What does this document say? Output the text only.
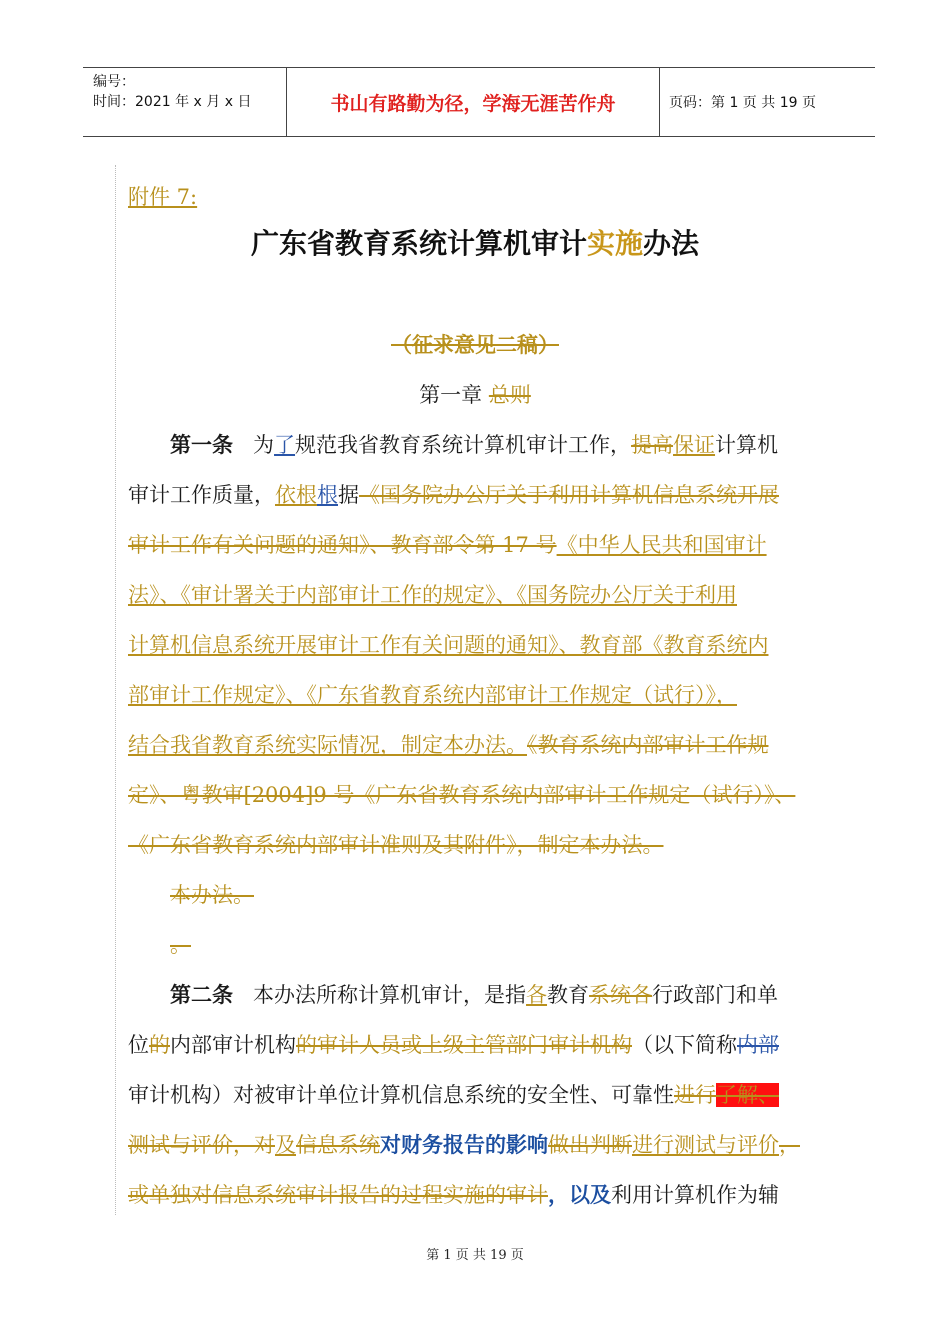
编号：
时间：2021 年 x 月 x 日	书山有路勤为径，学海无涯苦作舟	页码：第 1 页 共 19 页
附件 7:
广东省教育系统计算机审计实施办法
（征求意见二稿）
第一章 总则
第一条 为了规范我省教育系统计算机审计工作，提高保证计算机
审计工作质量，依根根据《国务院办公厅关于利用计算机信息系统开展
审计工作有关问题的通知》、教育部令第 17 号《中华人民共和国审计
法》、《审计署关于内部审计工作的规定》、《国务院办公厅关于利用
计算机信息系统开展审计工作有关问题的通知》、教育部《教育系统内
部审计工作规定》、《广东省教育系统内部审计工作规定（试行）》，
结合我省教育系统实际情况，制定本办法。《教育系统内部审计工作规
定》、粤教审[2004]9 号《广东省教育系统内部审计工作规定（试行）》、
《广东省教育系统内部审计准则及其附件》，制定本办法。
本办法。
。
第二条 本办法所称计算机审计，是指各教育系统各行政部门和单
位的内部审计机构的审计人员或上级主管部门审计机构（以下简称内部
审计机构）对被审计单位计算机信息系统的安全性、可靠性进行了解、
测试与评价，对及信息系统对财务报告的影响做出判断进行测试与评价，
或单独对信息系统审计报告的过程实施的审计，以及利用计算机作为辅
第 1 页 共 19 页
